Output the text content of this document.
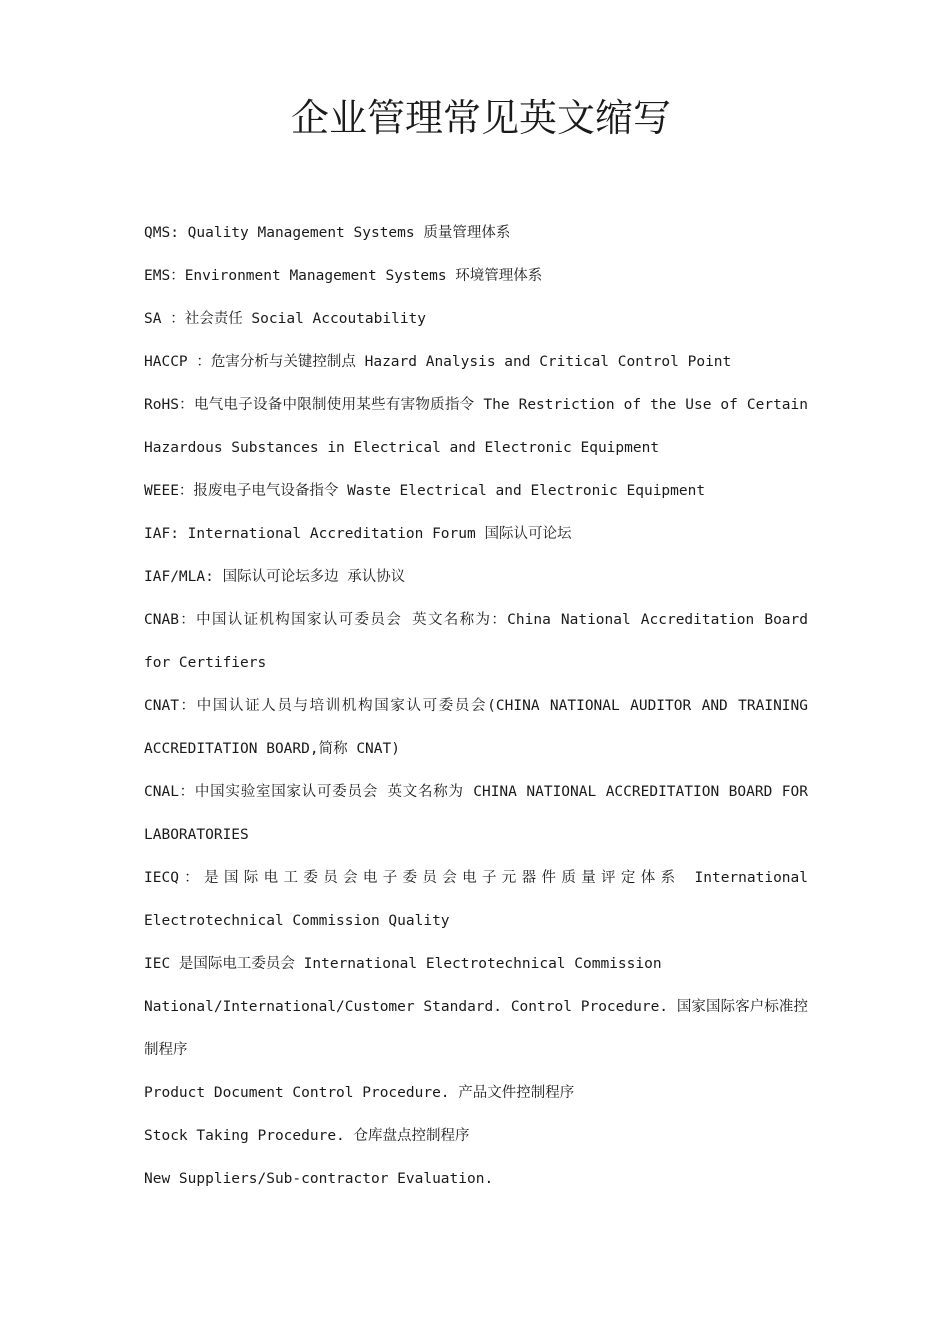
企业管理常见英文缩写

QMS: Quality Management Systems 质量管理体系

EMS：Environment Management Systems 环境管理体系

SA ：社会责任 Social Accoutability

HACCP ：危害分析与关键控制点 Hazard Analysis and Critical Control Point

RoHS：电气电子设备中限制使用某些有害物质指令 The Restriction of the Use of Certain Hazardous Substances in Electrical and Electronic Equipment

WEEE：报废电子电气设备指令 Waste Electrical and Electronic Equipment

IAF: International Accreditation Forum 国际认可论坛

IAF/MLA: 国际认可论坛多边 承认协议

CNAB：中国认证机构国家认可委员会 英文名称为：China National Accreditation Board for Certifiers

CNAT：中国认证人员与培训机构国家认可委员会(CHINA NATIONAL AUDITOR AND TRAINING ACCREDITATION BOARD,简称 CNAT)

CNAL：中国实验室国家认可委员会 英文名称为 CHINA NATIONAL ACCREDITATION BOARD FOR LABORATORIES

IECQ：是国际电工委员会电子委员会电子元器件质量评定体系 International Electrotechnical Commission Quality

IEC 是国际电工委员会 International Electrotechnical Commission

National/International/Customer Standard. Control Procedure. 国家国际客户标准控制程序

Product Document Control Procedure. 产品文件控制程序

Stock Taking Procedure. 仓库盘点控制程序

New Suppliers/Sub-contractor Evaluation.
